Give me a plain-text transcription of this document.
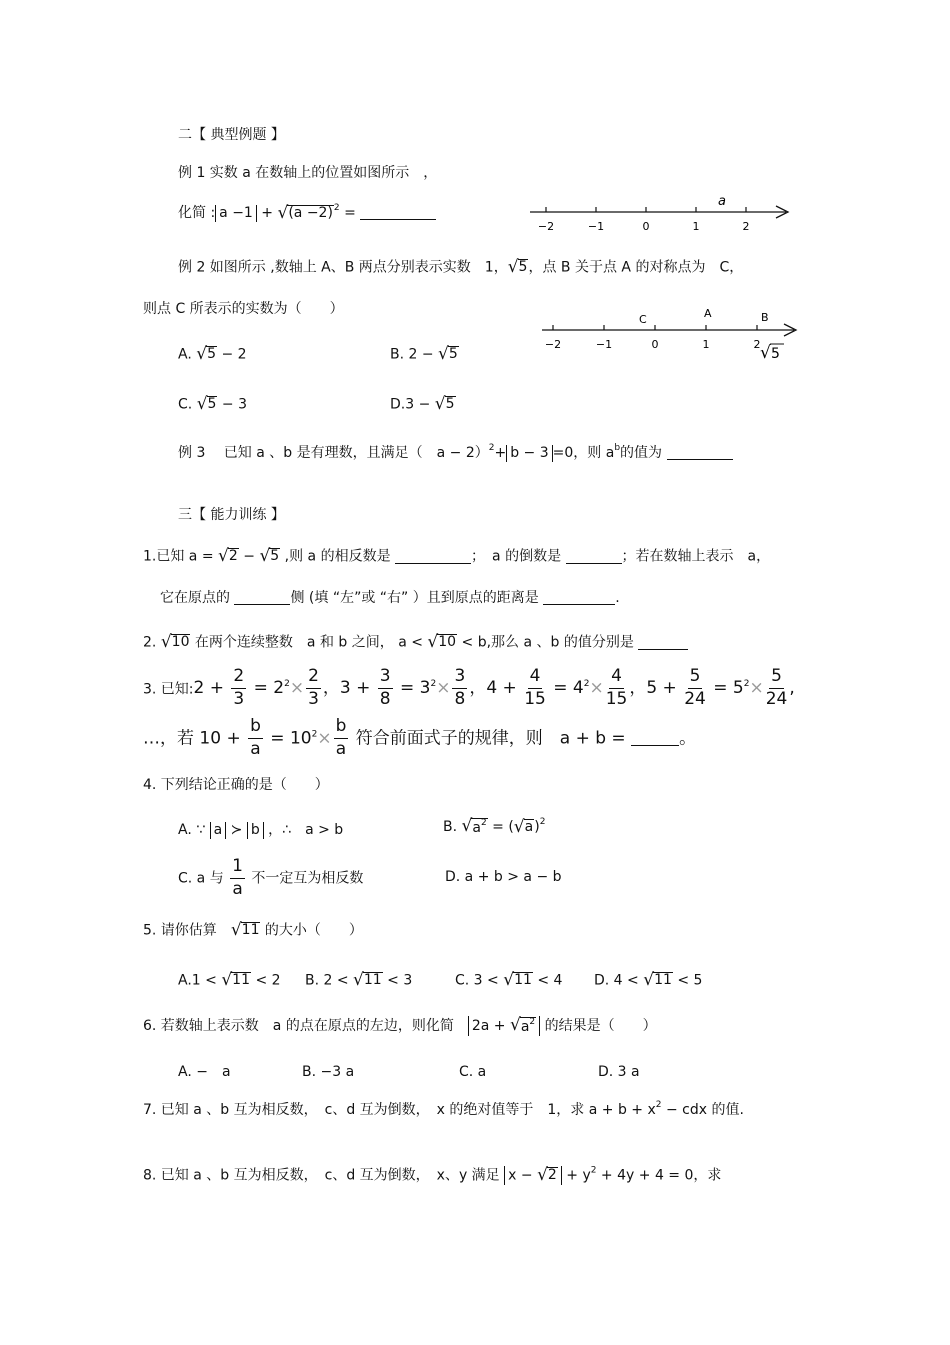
二【 典型例题 】
例 1 实数 a 在数轴上的位置如图所示　，
化简 : a −1 + √ (a −2) $^2$ =
−2	−1	0	1	2
a
例 2 如图所示 ,数轴上 A、B 两点分别表示实数　1， √ 5 ，点 B 关于点 A 的对称点为　C，
则点 C 所表示的实数为（　　）
−2	−1	0	1	2
C	A	B
√ 5
A. √ 5 − 2	B. 2 − √ 5
C. √ 5 − 3	D.3 − √ 5
例 3　 已知 a 、b 是有理数，且满足（　a − 2）$^2$+ b − 3 =0，则 $a^b$的值为
三【 能力训练 】
1.已知 a = √ 2 − √ 5 ,则 a 的相反数是	；　a 的倒数是	；若在数轴上表示　a，
它在原点的	侧 (填 “左”或 “右” ）且到原点的距离是	.
2. √ 10 在两个连续整数　a 和 b 之间， a < √ 10 < b,那么 a 、b 的值分别是
3. 已知:2 + $\frac{2}{3} = 2^2\times \frac{2}{3}$ ，$3 + \frac{3}{8} = 3^2\times \frac{3}{8}$ ，$4 + \frac{4}{15} = 4^2\times \frac{4}{15}$ ，$5 + \frac{5}{24} = 5^2\times \frac{5}{24}$ ,
…，若 $10 + \frac{b}{a} = 10^2\times \frac{b}{a}$ 符合前面式子的规律，则　a + b =	。
4. 下列结论正确的是（　　）
A. ∵ a ≻ b ，∴　a > b	B. √ $a^2$ = ( √ a )$^2$
C. a 与 $\frac{1}{a}$ 不一定互为相反数	D. a + b > a − b
5. 请你估算　 √ 11 的大小（　　）
A.1 < √ 11 < 2 B. 2 < √ 11 < 3	C. 3 < √ 11 < 4 D. 4 < √ 11 < 5
6. 若数轴上表示数　a 的点在原点的左边，则化简　2a + √ $a^2$ 的结果是（　　）
A. −　a	B. −3 a	C. a	D. 3 a
7. 已知 a 、b 互为相反数，　c、d 互为倒数，　x 的绝对值等于　1，求 $a + b + x^2$ − cdx 的值.
8. 已知 a 、b 互为相反数，　c、d 互为倒数，　x、y 满足 x − √ $2 + y^2 + 4y + 4 = 0$，求
